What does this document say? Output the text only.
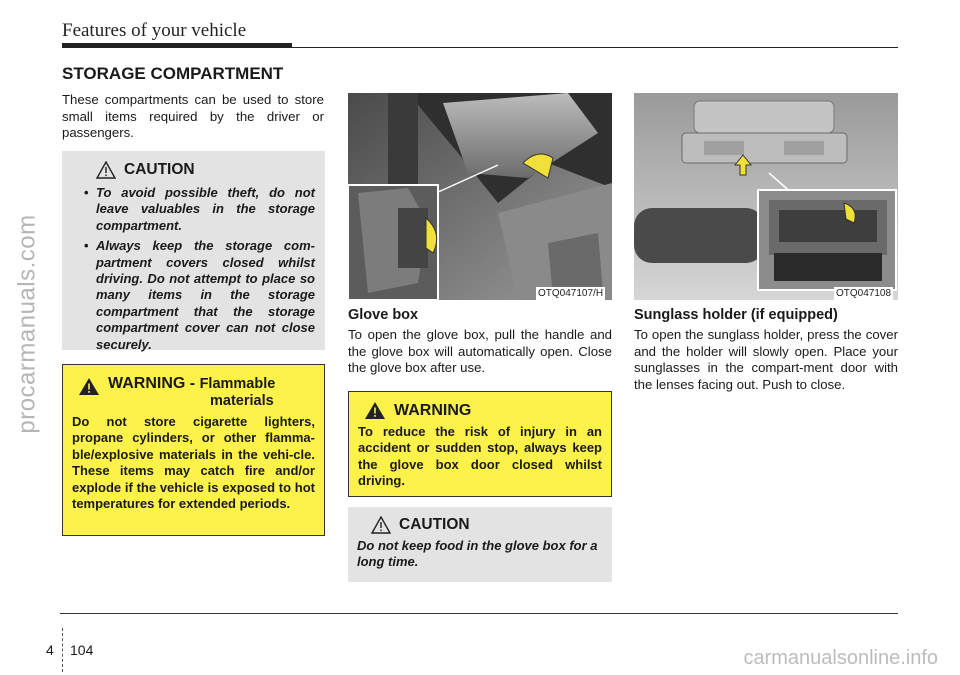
Features of your vehicle
STORAGE COMPARTMENT
These compartments can be used to store small items required by the driver or passengers.
CAUTION
• To avoid possible theft, do not leave valuables in the storage compartment.
• Always keep the storage com-partment covers closed whilst driving. Do not attempt to place so many items in the storage compartment that the storage compartment cover can not close securely.
WARNING - Flammable
materials
Do not store cigarette lighters, propane cylinders, or other flamma-ble/explosive materials in the vehi-cle. These items may catch fire and/or explode if the vehicle is exposed to hot temperatures for extended periods.
OTQ047107/H	OTQ047108
Glove box
To open the glove box, pull the handle and the glove box will automatically open. Close the glove box after use.
WARNING
To reduce the risk of injury in an accident or sudden stop, always keep the glove box door closed whilst driving.
CAUTION
Do not keep food in the glove box for a long time.
Sunglass holder (if equipped)
To open the sunglass holder, press the cover and the holder will slowly open. Place your sunglasses in the compart-ment door with the lenses facing out. Push to close.
4 104
procarmanuals.com
carmanualsonline.info
